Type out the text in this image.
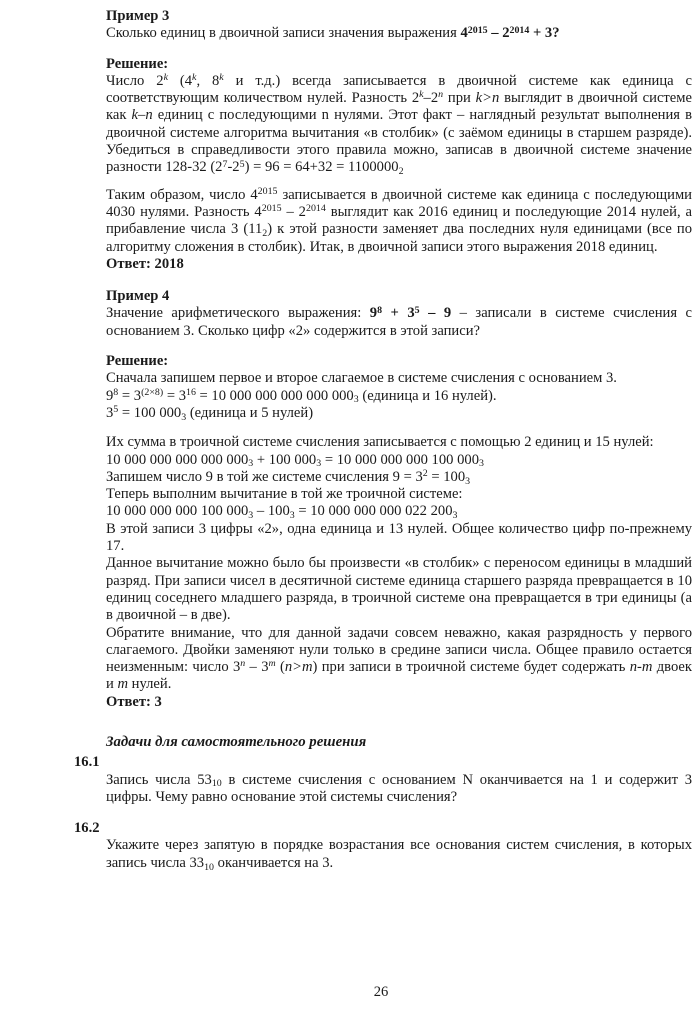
Пример 3

Сколько единиц в двоичной записи значения выражения $4^{2015} - 2^{2014} + 3$?

Решение:

Число 2$^k$ (4$^k$, 8$^k$ и т.д.) всегда записывается в двоичной системе как единица с соответствующим количеством нулей. Разность 2$^k$–2$^n$ при k>n выглядит в двоичной системе как k–n единиц с последующими n нулями. Этот факт – наглядный результат выполнения в двоичной системе алгоритма вычитания «в столбик» (с заёмом единицы в старшем разряде). Убедиться в справедливости этого правила можно, записав в двоичной системе значение разности 128-32 $(2^7-2^5) = 96 = 64+32 = 1100000_2$

Таким образом, число $4^{2015}$ записывается в двоичной системе как единица с последующими 4030 нулями. Разность $4^{2015} - 2^{2014}$ выглядит как 2016 единиц и последующие 2014 нулей, а прибавление числа 3 $(11_2)$ к этой разности заменяет два последних нуля единицами (все по алгоритму сложения в столбик). Итак, в двоичной записи этого выражения 2018 единиц.

Ответ: 2018

Пример 4

Значение арифметического выражения: $9^8 + 3^5 - 9$ – записали в системе счисления с основанием 3. Сколько цифр «2» содержится в этой записи?

Решение:

Сначала запишем первое и второе слагаемое в системе счисления с основанием 3.

$9^8 = 3^{(2\times 8)} = 3^{16} = 10$ 000 000 000 000 $000_3$ (единица и 16 нулей).

$3^5 = 100$ $000_3$ (единица и 5 нулей)

Их сумма в троичной системе счисления записывается с помощью 2 единиц и 15 нулей:

10 000 000 000 000 $000_3 + 100$ $000_3 = 10$ 000 000 000 100 $000_3$

Запишем число 9 в той же системе счисления $9 = 3^2 = 100_3$

Теперь выполним вычитание в той же троичной системе:

10 000 000 000 100 $000_3 - 100_3 = 10$ 000 000 000 022 $200_3$

В этой записи 3 цифры «2», одна единица и 13 нулей. Общее количество цифр по-прежнему 17.

Данное вычитание можно было бы произвести «в столбик» с переносом единицы в младший разряд. При записи чисел в десятичной системе единица старшего разряда превращается в 10 единиц соседнего младшего разряда, в троичной системе она превращается в три единицы (а в двоичной – в две).

Обратите внимание, что для данной задачи совсем неважно, какая разрядность у первого слагаемого. Двойки заменяют нули только в средине записи числа. Общее правило остается неизменным: число 3$^n$ – 3$^m$ (n>m) при записи в троичной системе будет содержать n-m двоек и m нулей.

Ответ: 3

Задачи для самостоятельного решения

16.1

Запись числа $53_{10}$ в системе счисления с основанием N оканчивается на 1 и содержит 3 цифры. Чему равно основание этой системы счисления?

16.2

Укажите через запятую в порядке возрастания все основания систем счисления, в которых запись числа $33_{10}$ оканчивается на 3.

26
